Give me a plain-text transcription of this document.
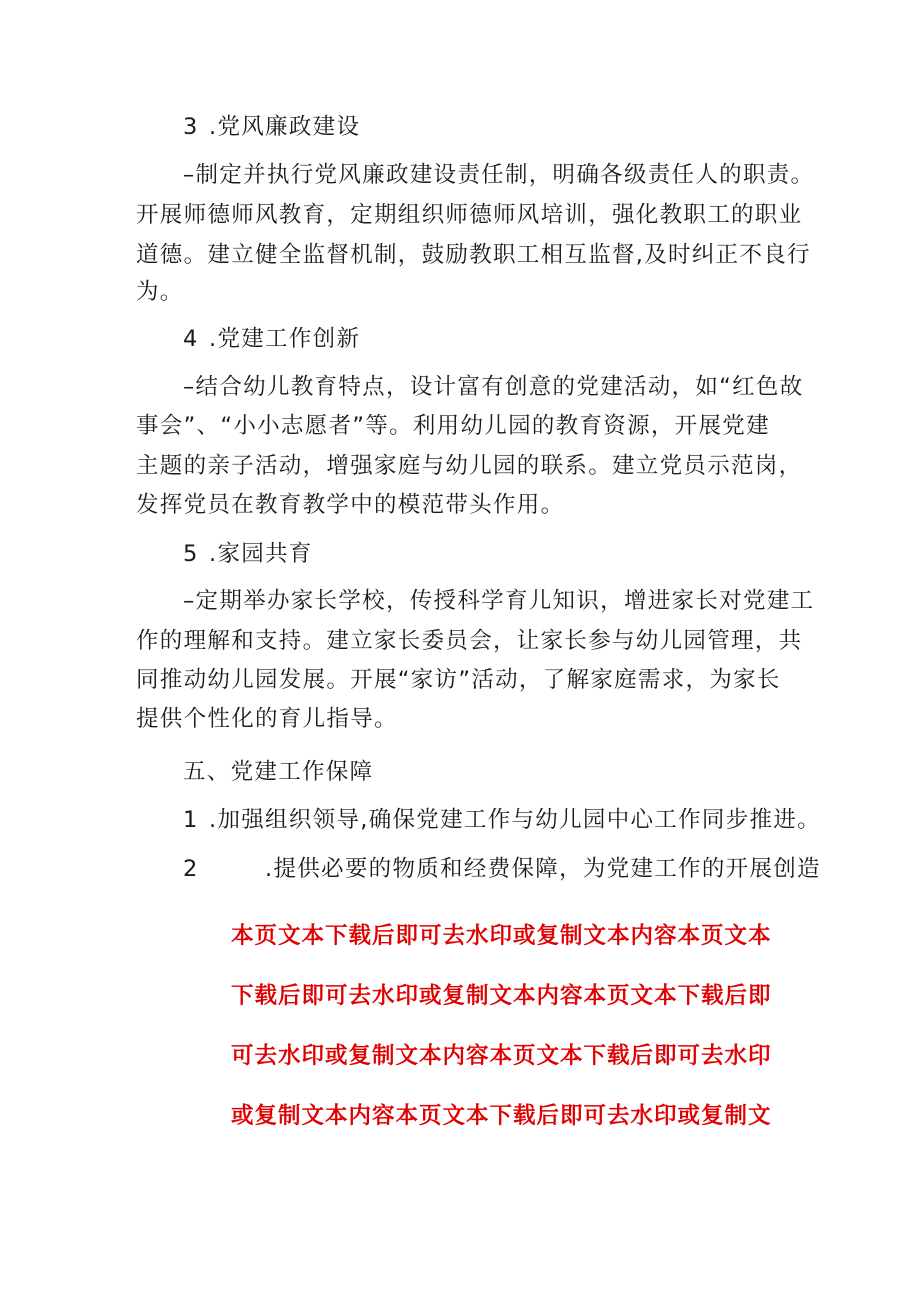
3 .党风廉政建设

–制定并执行党风廉政建设责任制，明确各级责任人的职责。

开展师德师风教育，定期组织师德师风培训，强化教职工的职业

道德。建立健全监督机制，鼓励教职工相互监督,及时纠正不良行

为。

4 .党建工作创新

–结合幼儿教育特点，设计富有创意的党建活动，如“红色故

事会”、“小小志愿者”等。利用幼儿园的教育资源，开展党建

主题的亲子活动，增强家庭与幼儿园的联系。建立党员示范岗，

发挥党员在教育教学中的模范带头作用。

5 .家园共育

–定期举办家长学校，传授科学育儿知识，增进家长对党建工

作的理解和支持。建立家长委员会，让家长参与幼儿园管理，共

同推动幼儿园发展。开展“家访”活动，了解家庭需求，为家长

提供个性化的育儿指导。

五、党建工作保障

1 .加强组织领导,确保党建工作与幼儿园中心工作同步推进。

2	.提供必要的物质和经费保障，为党建工作的开展创造

本页文本下载后即可去水印或复制文本内容本页文本

下载后即可去水印或复制文本内容本页文本下载后即

可去水印或复制文本内容本页文本下载后即可去水印

或复制文本内容本页文本下载后即可去水印或复制文
